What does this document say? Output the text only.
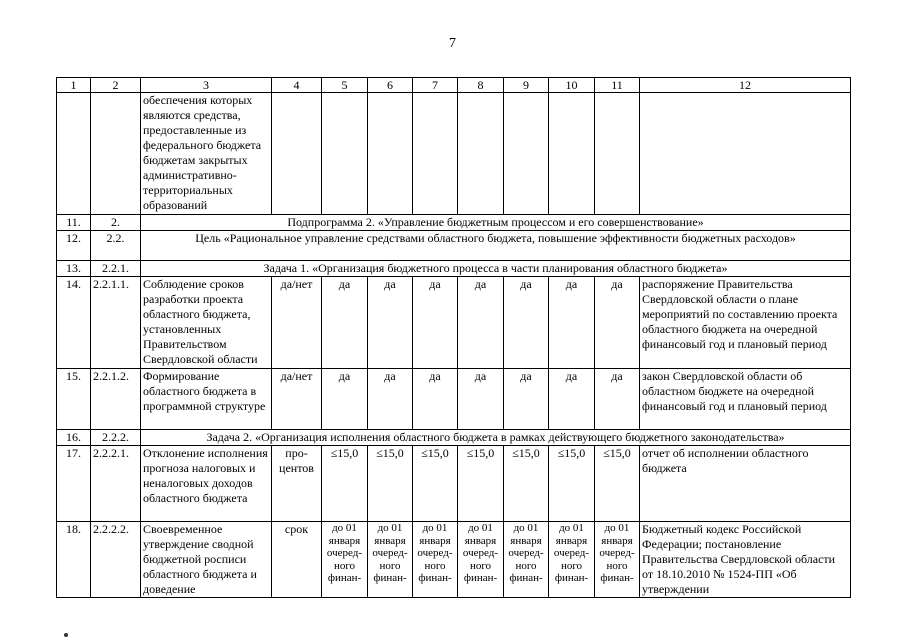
7
1	2	3	4	5	6	7	8	9	10	11	12
		обеспечения которых являются средства, предоставленные из федерального бюджета бюджетам закрытых административно-территориальных образований									
11.	2.	Подпрограмма 2. «Управление бюджетным процессом и его совершенствование»									
12.	2.2.	Цель «Рациональное управление средствами областного бюджета, повышение эффективности бюджетных расходов»									
13.	2.2.1.	Задача 1. «Организация бюджетного процесса в части планирования областного бюджета»									
14.	2.2.1.1.	Соблюдение сроков разработки проекта областного бюджета, установленных Правительством Свердловской области	да/нет	да	да	да	да	да	да	да	распоряжение Правительства Свердловской области о плане мероприятий по составлению проекта областного бюджета на очередной финансовый год и плановый период
15.	2.2.1.2.	Формирование областного бюджета в программной структуре	да/нет	да	да	да	да	да	да	да	закон Свердловской области об областном бюджете на очередной финансовый год и плановый период
16.	2.2.2.	Задача 2. «Организация исполнения областного бюджета в рамках действующего бюджетного законодательства»									
17.	2.2.2.1.	Отклонение исполнения прогноза налоговых и неналоговых доходов областного бюджета	про-центов	≤15,0	≤15,0	≤15,0	≤15,0	≤15,0	≤15,0	≤15,0	отчет об исполнении областного бюджета
18.	2.2.2.2.	Своевременное утверждение сводной бюджетной росписи областного бюджета и доведение	срок	до 01 января очеред-ного финан-	до 01 января очеред-ного финан-	до 01 января очеред-ного финан-	до 01 января очеред-ного финан-	до 01 января очеред-ного финан-	до 01 января очеред-ного финан-	до 01 января очеред-ного финан-	Бюджетный кодекс Российской Федерации; постановление Правительства Свердловской области от 18.10.2010 № 1524-ПП «Об утверждении
